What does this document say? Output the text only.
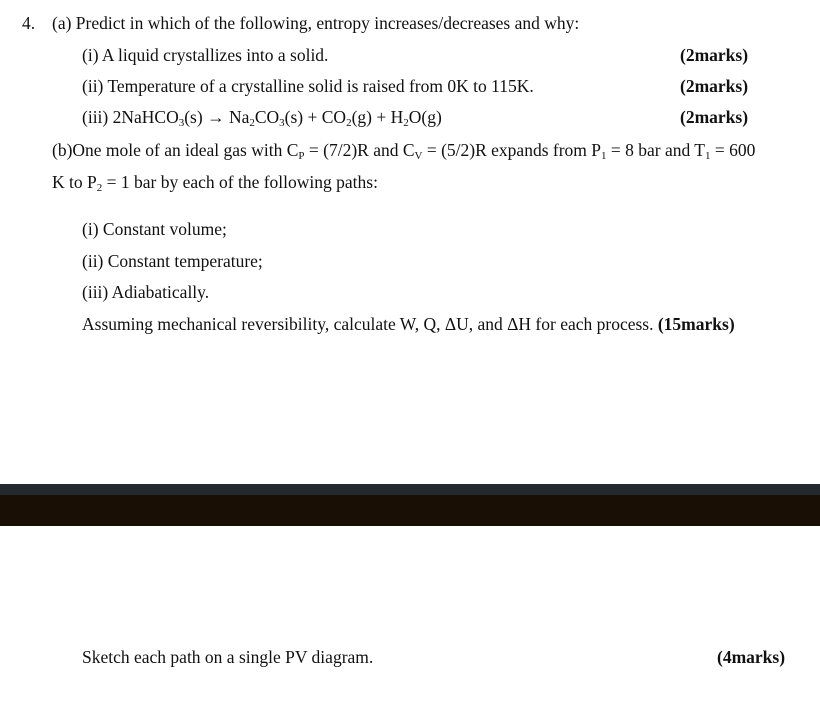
4. (a) Predict in which of the following, entropy increases/decreases and why:
(i) A liquid crystallizes into a solid.	(2marks)
(ii) Temperature of a crystalline solid is raised from 0K to 115K.	(2marks)
(iii) 2NaHCO$_3$(s) → $Na_2CO_3(s) + CO_2(g) + H_2O(g)$	(2marks)
(b)One mole of an ideal gas with $C_P = (7/2)R$ and $C_V = (5/2)R$ expands from $P_1 = 8$ bar and $T_1 = 600$
K to $P_2 = 1$ bar by each of the following paths:
(i) Constant volume;
(ii) Constant temperature;
(iii) Adiabatically.
Assuming mechanical reversibility, calculate W, Q, ΔU, and ΔH for each process. (15marks)
Sketch each path on a single PV diagram.	(4marks)
